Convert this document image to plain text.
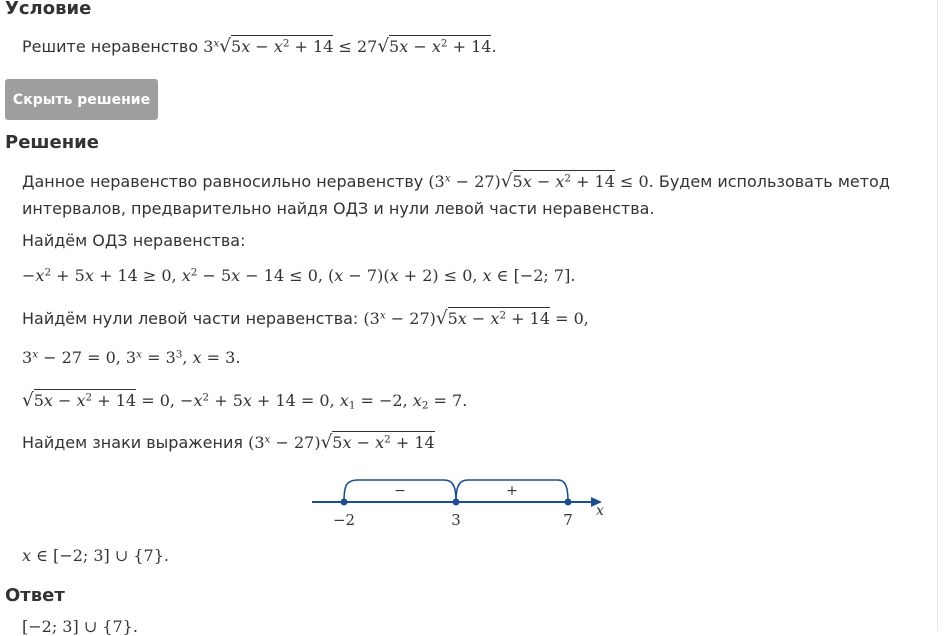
Условие
Решите неравенство $3^x√5x - x^2 + 14 \le 27√5x - x^2 + 14$.
Скрыть решение
Решение
Данное неравенство равносильно неравенству $(3^x - 27)√5x - x^2 + 14 \le 0$. Будем использовать метод
интервалов, предварительно найдя ОДЗ и нули левой части неравенства.
Найдём ОДЗ неравенства:
$-x^2 + 5x + 14 \ge 0$, $x^2 - 5x - 14 \le 0$, (x − 7)(x + 2) ≤ 0, x ∈ [−2; 7].
Найдём нули левой части неравенства: $(3^x - 27)√5x - x^2 + 14 = 0$,
$3^x - 27 = 0$, $3^x = 3^3$, x = 3.
$√5x - x^2 + 14 = 0$, $-x^2 + 5x + 14 = 0$, $x_1 = -2$, $x_2 = 7$.
Найдем знаки выражения $(3^x - 27)√5x - x^2 + 14$
−	+
−2	3	7 x
x ∈ [−2; 3] ∪ {7}.
Ответ
[−2; 3] ∪ {7}.
